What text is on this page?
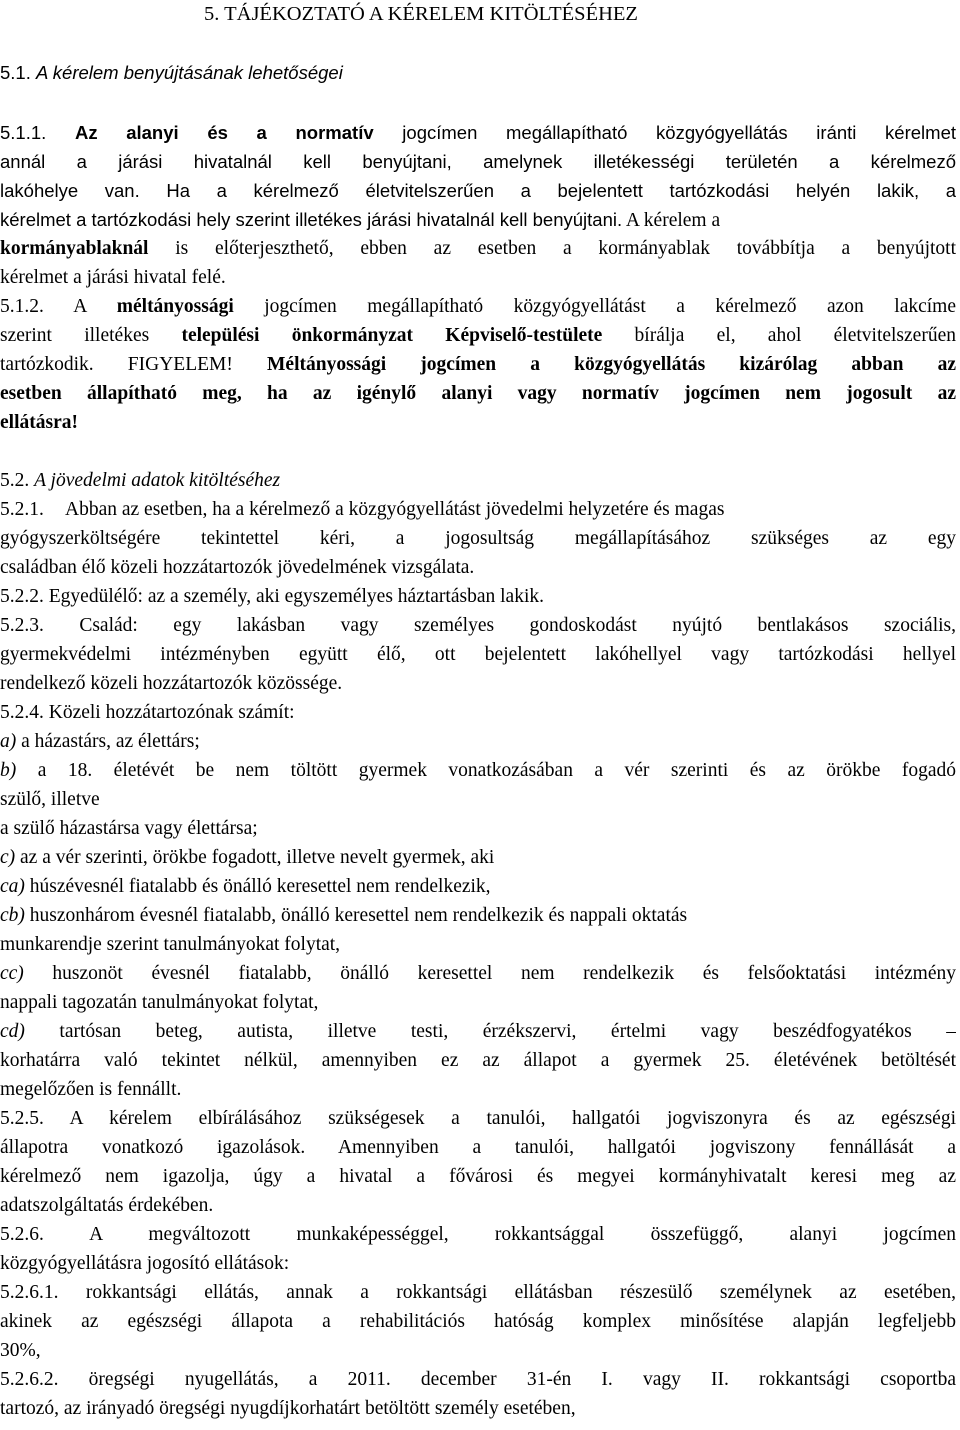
5. TÁJÉKOZTATÓ A KÉRELEM KITÖLTÉSÉHEZ
5.1. A kérelem benyújtásának lehetőségei
5.1.1. Az alanyi és a normatív jogcímen megállapítható közgyógyellátás iránti kérelmet
annál a járási hivatalnál kell benyújtani, amelynek illetékességi területén a kérelmező
lakóhelye van. Ha a kérelmező életvitelszerűen a bejelentett tartózkodási helyén lakik, a
kérelmet a tartózkodási hely szerint illetékes járási hivatalnál kell benyújtani. A kérelem a
kormányablaknál is előterjeszthető, ebben az esetben a kormányablak továbbítja a benyújtott
kérelmet a járási hivatal felé.
5.1.2. A méltányossági jogcímen megállapítható közgyógyellátást a kérelmező azon lakcíme
szerint illetékes települési önkormányzat Képviselő-testülete bírálja el, ahol életvitelszerűen
tartózkodik. FIGYELEM! Méltányossági jogcímen a közgyógyellátás kizárólag abban az
esetben állapítható meg, ha az igénylő alanyi vagy normatív jogcímen nem jogosult az
ellátásra!
5.2. A jövedelmi adatok kitöltéséhez
5.2.1.	Abban az esetben, ha a kérelmező a közgyógyellátást jövedelmi helyzetére és magas
gyógyszerköltségére tekintettel kéri, a jogosultság megállapításához szükséges az egy
családban élő közeli hozzátartozók jövedelmének vizsgálata.
5.2.2. Egyedülélő: az a személy, aki egyszemélyes háztartásban lakik.
5.2.3. Család: egy lakásban vagy személyes gondoskodást nyújtó bentlakásos szociális,
gyermekvédelmi intézményben együtt élő, ott bejelentett lakóhellyel vagy tartózkodási hellyel
rendelkező közeli hozzátartozók közössége.
5.2.4. Közeli hozzátartozónak számít:
a) a házastárs, az élettárs;
b) a 18. életévét be nem töltött gyermek vonatkozásában a vér szerinti és az örökbe fogadó
szülő, illetve
a szülő házastársa vagy élettársa;
c) az a vér szerinti, örökbe fogadott, illetve nevelt gyermek, aki
ca) húszévesnél fiatalabb és önálló keresettel nem rendelkezik,
cb) huszonhárom évesnél fiatalabb, önálló keresettel nem rendelkezik és nappali oktatás
munkarendje szerint tanulmányokat folytat,
cc) huszonöt évesnél fiatalabb, önálló keresettel nem rendelkezik és felsőoktatási intézmény
nappali tagozatán tanulmányokat folytat,
cd) tartósan beteg, autista, illetve testi, érzékszervi, értelmi vagy beszédfogyatékos –
korhatárra való tekintet nélkül, amennyiben ez az állapot a gyermek 25. életévének betöltését
megelőzően is fennállt.
5.2.5. A kérelem elbírálásához szükségesek a tanulói, hallgatói jogviszonyra és az egészségi
állapotra vonatkozó igazolások. Amennyiben a tanulói, hallgatói jogviszony fennállását a
kérelmező nem igazolja, úgy a hivatal a fővárosi és megyei kormányhivatalt keresi meg az
adatszolgáltatás érdekében.
5.2.6. A megváltozott munkaképességgel, rokkantsággal összefüggő, alanyi jogcímen
közgyógyellátásra jogosító ellátások:
5.2.6.1. rokkantsági ellátás, annak a rokkantsági ellátásban részesülő személynek az esetében,
akinek az egészségi állapota a rehabilitációs hatóság komplex minősítése alapján legfeljebb
30%,
5.2.6.2. öregségi nyugellátás, a 2011. december 31-én I. vagy II. rokkantsági csoportba
tartozó, az irányadó öregségi nyugdíjkorhatárt betöltött személy esetében,
